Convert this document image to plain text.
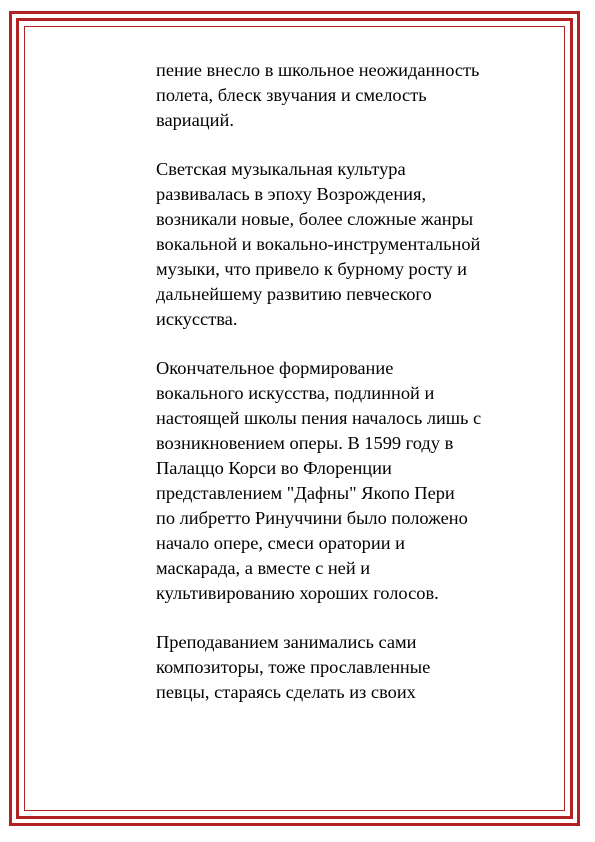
пение внесло в школьное неожиданность
полета, блеск звучания и смелость
вариаций.

Светская музыкальная культура
развивалась в эпоху Возрождения,
возникали новые, более сложные жанры
вокальной и вокально-инструментальной
музыки, что привело к бурному росту и
дальнейшему развитию певческого
искусства.

Окончательное формирование
вокального искусства, подлинной и
настоящей школы пения началось лишь с
возникновением оперы. В 1599 году в
Палаццо Корси во Флоренции
представлением "Дафны" Якопо Пери
по либретто Ринуччини было положено
начало опере, смеси оратории и
маскарада, а вместе с ней и
культивированию хороших голосов.

Преподаванием занимались сами
композиторы, тоже прославленные
певцы, стараясь сделать из своих
